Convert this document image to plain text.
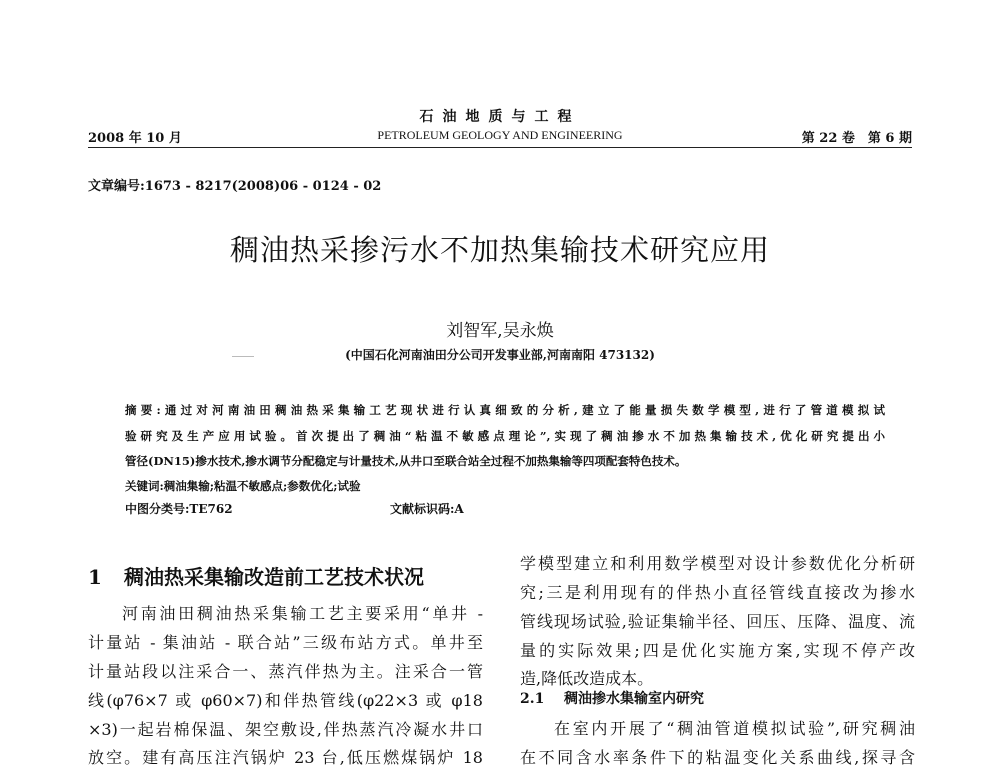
石油地质与工程
PETROLEUM GEOLOGY AND ENGINEERING
2008 年 10 月	第 22 卷　第 6 期
文章编号:1673 - 8217(2008)06 - 0124 - 02
稠油热采掺污水不加热集输技术研究应用
刘智军,吴永焕
(中国石化河南油田分公司开发事业部,河南南阳 473132)
摘要:通过对河南油田稠油热采集输工艺现状进行认真细致的分析,建立了能量损失数学模型,进行了管道模拟试
验研究及生产应用试验。首次提出了稠油“粘温不敏感点理论”,实现了稠油掺水不加热集输技术,优化研究提出小
管径(DN15)掺水技术,掺水调节分配稳定与计量技术,从井口至联合站全过程不加热集输等四项配套特色技术。
关键词:稠油集输;粘温不敏感点;参数优化;试验
中图分类号:TE762	文献标识码:A
1 稠油热采集输改造前工艺技术状况
河南油田稠油热采集输工艺主要采用“单井 -
计量站 - 集油站 - 联合站”三级布站方式。单井至
计量站段以注采合一、蒸汽伴热为主。注采合一管
线(φ76×7 或 φ60×7)和伴热管线(φ22×3 或 φ18
×3)一起岩棉保温、架空敷设,伴热蒸汽冷凝水井口
放空。建有高压注汽锅炉 23 台,低压燃煤锅炉 18
学模型建立和利用数学模型对设计参数优化分析研
究;三是利用现有的伴热小直径管线直接改为掺水
管线现场试验,验证集输半径、回压、压降、温度、流
量的实际效果;四是优化实施方案,实现不停产改
造,降低改造成本。
2.1 稠油掺水集输室内研究
在室内开展了“稠油管道模拟试验”,研究稠油
在不同含水率条件下的粘温变化关系曲线,探寻含
